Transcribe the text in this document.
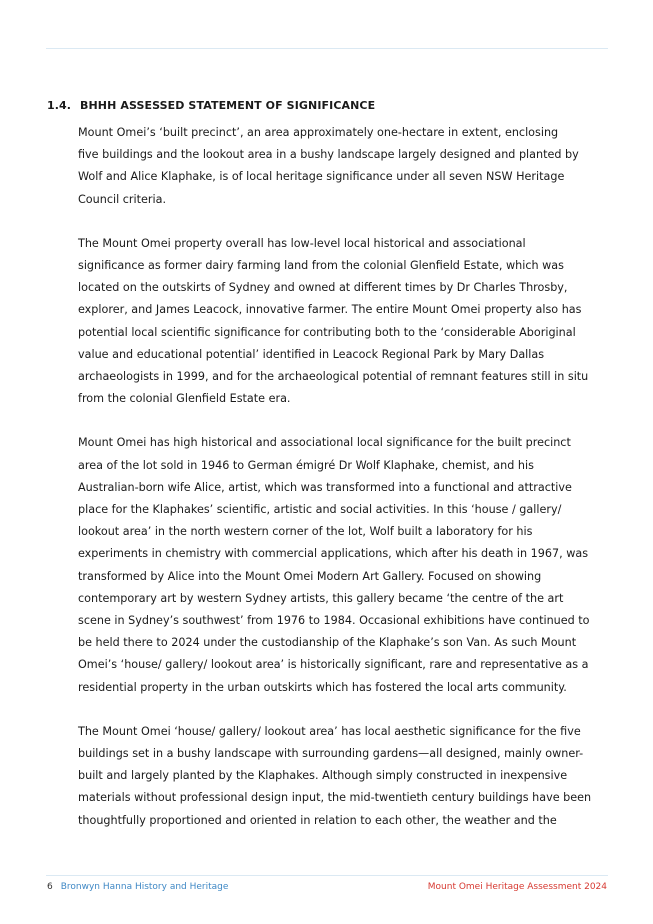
1.4. BHHH ASSESSED STATEMENT OF SIGNIFICANCE
Mount Omei’s ‘built precinct’, an area approximately one-hectare in extent, enclosing
five buildings and the lookout area in a bushy landscape largely designed and planted by
Wolf and Alice Klaphake, is of local heritage significance under all seven NSW Heritage
Council criteria.
The Mount Omei property overall has low-level local historical and associational
significance as former dairy farming land from the colonial Glenfield Estate, which was
located on the outskirts of Sydney and owned at different times by Dr Charles Throsby,
explorer, and James Leacock, innovative farmer. The entire Mount Omei property also has
potential local scientific significance for contributing both to the ‘considerable Aboriginal
value and educational potential’ identified in Leacock Regional Park by Mary Dallas
archaeologists in 1999, and for the archaeological potential of remnant features still in situ
from the colonial Glenfield Estate era.
Mount Omei has high historical and associational local significance for the built precinct
area of the lot sold in 1946 to German émigré Dr Wolf Klaphake, chemist, and his
Australian-born wife Alice, artist, which was transformed into a functional and attractive
place for the Klaphakes’ scientific, artistic and social activities. In this ‘house / gallery/
lookout area’ in the north western corner of the lot, Wolf built a laboratory for his
experiments in chemistry with commercial applications, which after his death in 1967, was
transformed by Alice into the Mount Omei Modern Art Gallery. Focused on showing
contemporary art by western Sydney artists, this gallery became ‘the centre of the art
scene in Sydney’s southwest’ from 1976 to 1984. Occasional exhibitions have continued to
be held there to 2024 under the custodianship of the Klaphake’s son Van. As such Mount
Omei’s ‘house/ gallery/ lookout area’ is historically significant, rare and representative as a
residential property in the urban outskirts which has fostered the local arts community.
The Mount Omei ‘house/ gallery/ lookout area’ has local aesthetic significance for the five
buildings set in a bushy landscape with surrounding gardens—all designed, mainly owner-
built and largely planted by the Klaphakes. Although simply constructed in inexpensive
materials without professional design input, the mid-twentieth century buildings have been
thoughtfully proportioned and oriented in relation to each other, the weather and the
6 Bronwyn Hanna History and Heritage	Mount Omei Heritage Assessment 2024
